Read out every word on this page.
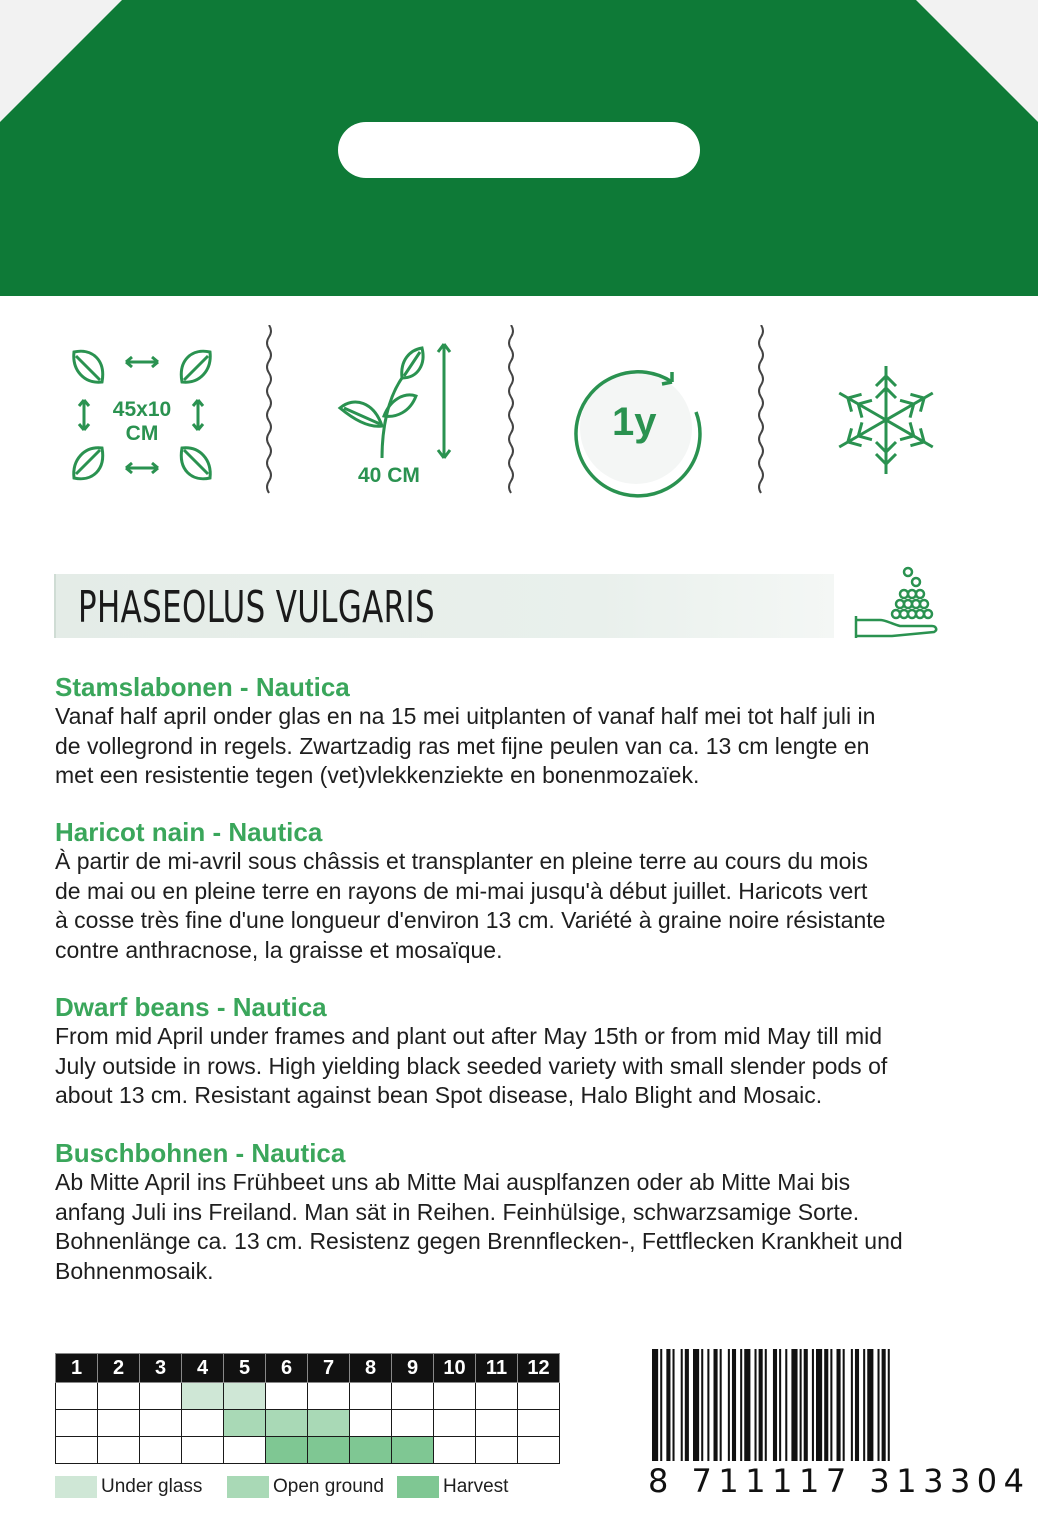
45x10
CM
40 CM
1y
PHASEOLUS VULGARIS
Stamslabonen - Nautica
Vanaf half april onder glas en na 15 mei uitplanten of vanaf half mei tot half juli in
de vollegrond in regels. Zwartzadig ras met fijne peulen van ca. 13 cm lengte en
met een resistentie tegen (vet)vlekkenziekte en bonenmozaïek.
Haricot nain - Nautica
À partir de mi-avril sous châssis et transplanter en pleine terre au cours du mois
de mai ou en pleine terre en rayons de mi-mai jusqu'à début juillet. Haricots vert
à cosse très fine d'une longueur d'environ 13 cm. Variété à graine noire résistante
contre anthracnose, la graisse et mosaïque.
Dwarf beans - Nautica
From mid April under frames and plant out after May 15th or from mid May till mid
July outside in rows. High yielding black seeded variety with small slender pods of
about 13 cm. Resistant against bean Spot disease, Halo Blight and Mosaic.
Buschbohnen - Nautica
Ab Mitte April ins Frühbeet uns ab Mitte Mai ausplfanzen oder ab Mitte Mai bis
anfang Juli ins Freiland. Man sät in Reihen. Feinhülsige, schwarzsamige Sorte.
Bohnenlänge ca. 13 cm. Resistenz gegen Brennflecken-, Fettflecken Krankheit und
Bohnenmosaik.
1	2	3	4	5	6	7	8	9	10	11	12

Under glass	Open ground	Harvest	8 711117 313304
